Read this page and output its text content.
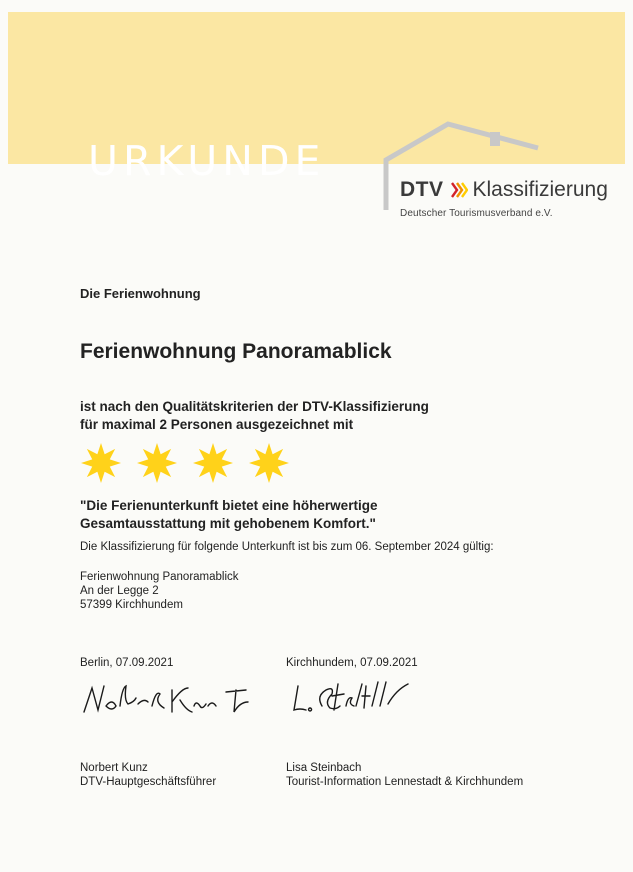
URKUNDE
DTV Klassifizierung
Deutscher Tourismusverband e.V.

Die Ferienwohnung

Ferienwohnung Panoramablick

ist nach den Qualitätskriterien der DTV-Klassifizierung
für maximal 2 Personen ausgezeichnet mit

"Die Ferienunterkunft bietet eine höherwertige
Gesamtausstattung mit gehobenem Komfort."

Die Klassifizierung für folgende Unterkunft ist bis zum 06. September 2024 gültig:

Ferienwohnung Panoramablick
An der Legge 2
57399 Kirchhundem

Berlin, 07.09.2021	Kirchhundem, 07.09.2021
Norbert Kunz
DTV-Hauptgeschäftsführer
Lisa Steinbach
Tourist-Information Lennestadt & Kirchhundem
